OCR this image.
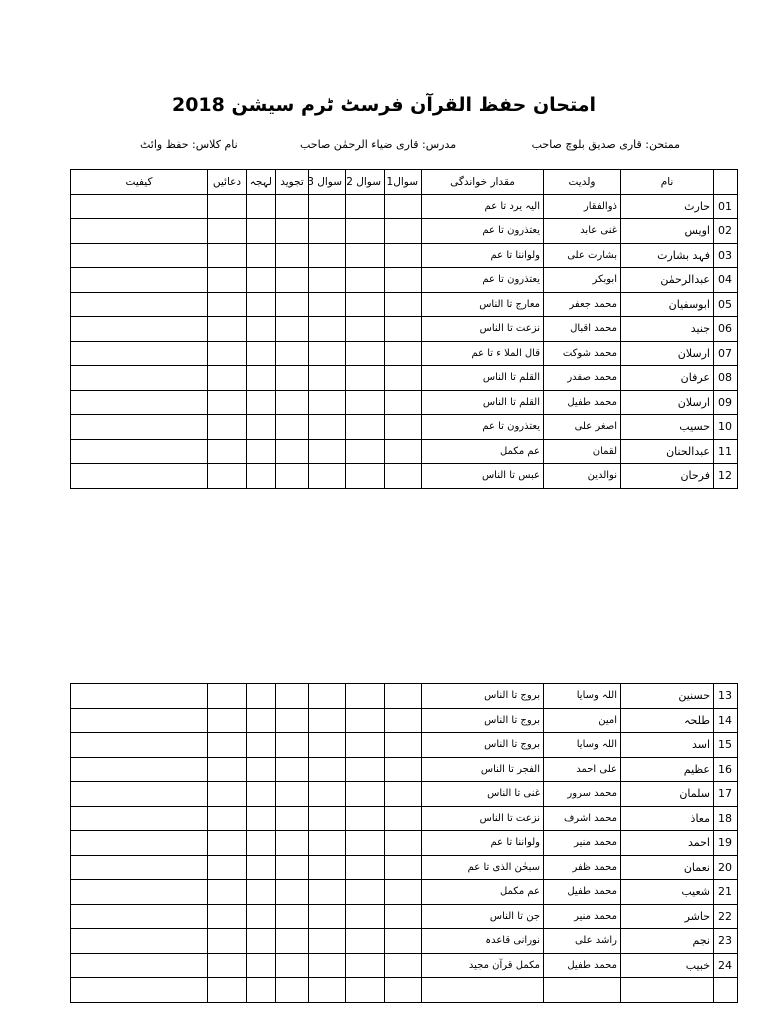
امتحان حفظ القرآن فرسٹ ٹرم سیشن 2018
ممتحن: قاری صدیق بلوچ صاحب
مدرس: قاری ضیاء الرحمٰن صاحب
نام کلاس: حفظ وائٹ
کیفیت	دعائیں	لہجہ	تجوید	سوال 3	سوال 2	سوال1	مقدار خواندگی	ولدیت	نام	
							الیہ یرد تا عم	ذوالفقار	حارث	01
							یعتذرون تا عم	غنی عابد	اویس	02
							ولواننا تا عم	بشارت علی	فہد بشارت	03
							یعتذرون تا عم	ابوبکر	عبدالرحمٰن	04
							معارج تا الناس	محمد جعفر	ابوسفیان	05
							نزعت تا الناس	محمد اقبال	جنید	06
							قال الملا ء تا عم	محمد شوکت	ارسلان	07
							القلم تا الناس	محمد صفدر	عرفان	08
							القلم تا الناس	محمد طفیل	ارسلان	09
							یعتذرون تا عم	اصغر علی	حسیب	10
							عم مکمل	لقمان	عبدالحنان	11
							عبس تا الناس	نوالدین	فرحان	12
							بروج تا الناس	اللہ وسایا	حسنین	13
							بروج تا الناس	امین	طلحہ	14
							بروج تا الناس	اللہ وسایا	اسد	15
							الفجر تا الناس	علی احمد	عظیم	16
							غنی تا الناس	محمد سرور	سلمان	17
							نزعت تا الناس	محمد اشرف	معاذ	18
							ولواننا تا عم	محمد منیر	احمد	19
							سبحٰن الذی تا عم	محمد ظفر	نعمان	20
							عم مکمل	محمد طفیل	شعیب	21
							جن تا الناس	محمد منیر	حاشر	22
							نورانی قاعدہ	راشد علی	نجم	23
							مکمل قرآن مجید	محمد طفیل	خبیب	24
